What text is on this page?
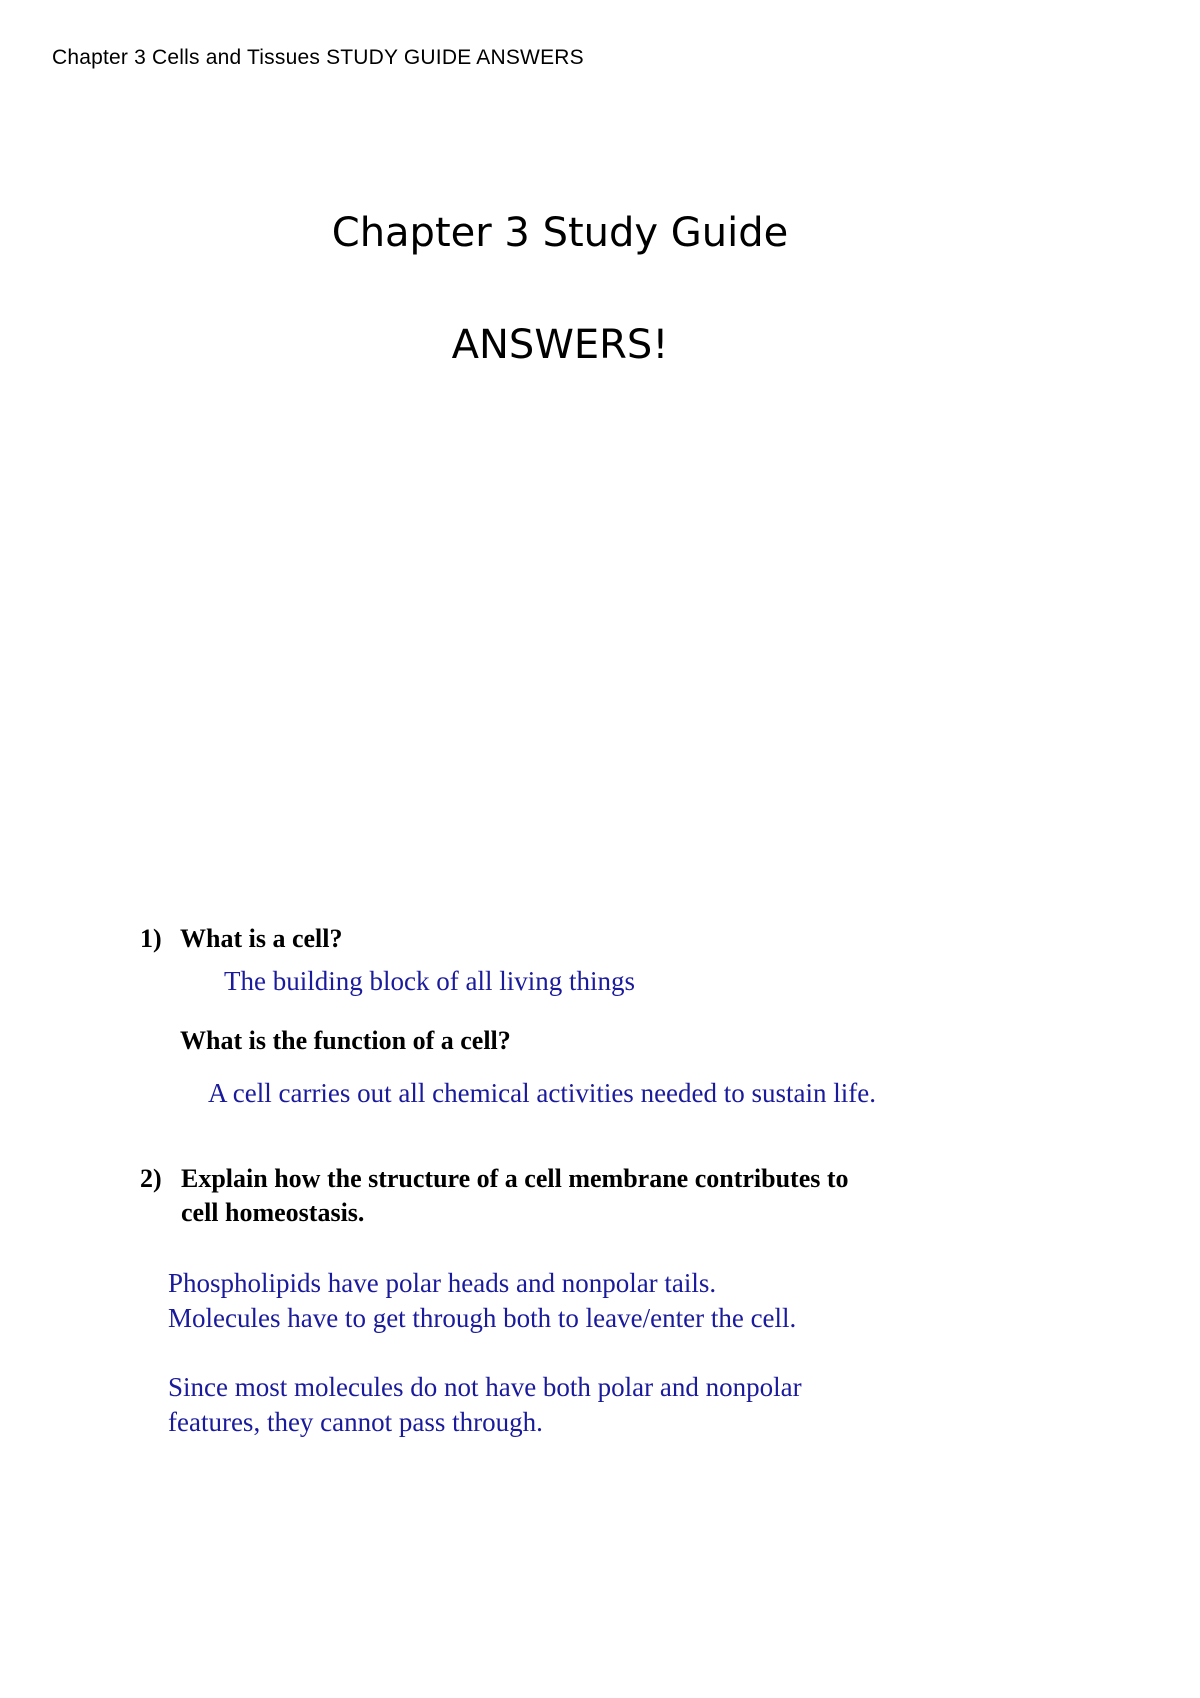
Chapter 3 Cells and Tissues STUDY GUIDE ANSWERS
Chapter 3 Study Guide
ANSWERS!
1) What is a cell?
The building block of all living things
What is the function of a cell?
A cell carries out all chemical activities needed to sustain life.
2) Explain how the structure of a cell membrane contributes to
cell homeostasis.
Phospholipids have polar heads and nonpolar tails.
Molecules have to get through both to leave/enter the cell.
Since most molecules do not have both polar and nonpolar
features, they cannot pass through.
